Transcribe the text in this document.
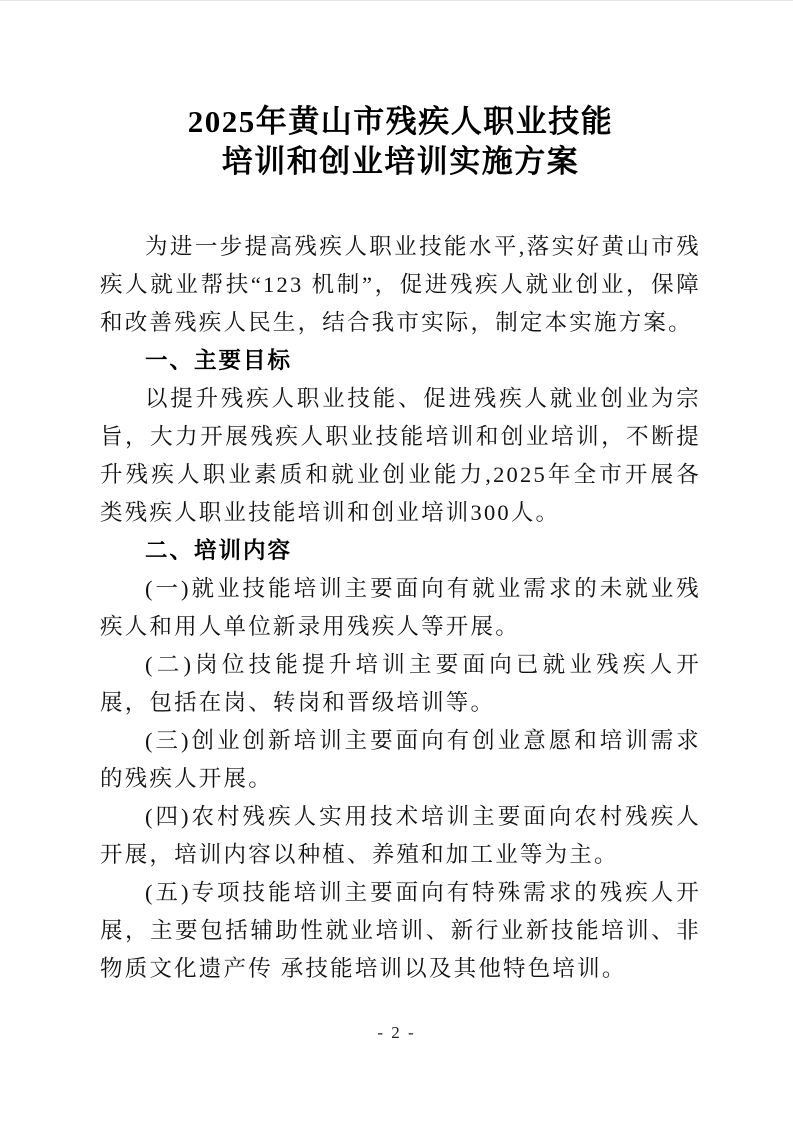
2025年黄山市残疾人职业技能
培训和创业培训实施方案

为进一步提高残疾人职业技能水平,落实好黄山市残疾人就业帮扶“123 机制”，促进残疾人就业创业，保障和改善残疾人民生，结合我市实际，制定本实施方案。

一、主要目标

以提升残疾人职业技能、促进残疾人就业创业为宗旨，大力开展残疾人职业技能培训和创业培训，不断提升残疾人职业素质和就业创业能力,2025年全市开展各类残疾人职业技能培训和创业培训300人。

二、培训内容

(一)就业技能培训主要面向有就业需求的未就业残疾人和用人单位新录用残疾人等开展。

(二)岗位技能提升培训主要面向已就业残疾人开展，包括在岗、转岗和晋级培训等。

(三)创业创新培训主要面向有创业意愿和培训需求的残疾人开展。

(四)农村残疾人实用技术培训主要面向农村残疾人开展，培训内容以种植、养殖和加工业等为主。

(五)专项技能培训主要面向有特殊需求的残疾人开展，主要包括辅助性就业培训、新行业新技能培训、非物质文化遗产传 承技能培训以及其他特色培训。

- 2 -
